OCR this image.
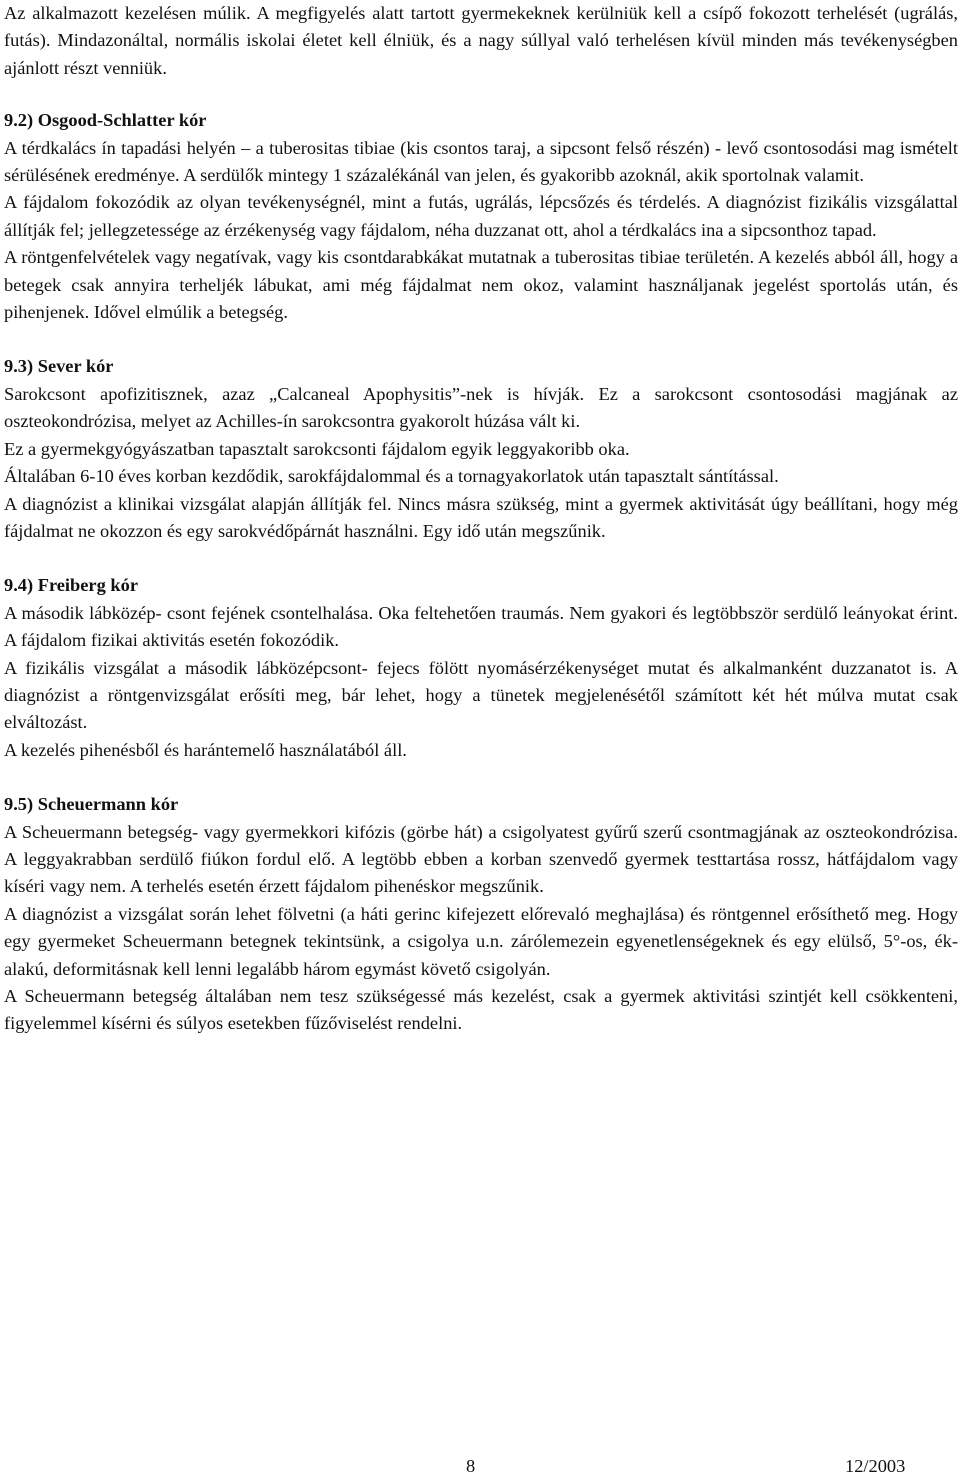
Az alkalmazott kezelésen múlik. A megfigyelés alatt tartott gyermekeknek kerülniük kell a csípő fokozott terhelését (ugrálás, futás). Mindazonáltal, normális iskolai életet kell élniük, és a nagy súllyal való terhelésen kívül minden más tevékenységben ajánlott részt venniük.

9.2) Osgood-Schlatter kór

A térdkalács ín tapadási helyén – a tuberositas tibiae (kis csontos taraj, a sipcsont felső részén) - levő csontosodási mag ismételt sérülésének eredménye. A serdülők mintegy 1 százalékánál van jelen, és gyakoribb azoknál, akik sportolnak valamit.

A fájdalom fokozódik az olyan tevékenységnél, mint a futás, ugrálás, lépcsőzés és térdelés. A diagnózist fizikális vizsgálattal állítják fel; jellegzetessége az érzékenység vagy fájdalom, néha duzzanat ott, ahol a térdkalács ina a sipcsonthoz tapad.

A röntgenfelvételek vagy negatívak, vagy kis csontdarabkákat mutatnak a tuberositas tibiae területén. A kezelés abból áll, hogy a betegek csak annyira terheljék lábukat, ami még fájdalmat nem okoz, valamint használjanak jegelést sportolás után, és pihenjenek. Idővel elmúlik a betegség.

9.3) Sever kór

Sarokcsont apofizitisznek, azaz „Calcaneal Apophysitis”-nek is hívják. Ez a sarokcsont csontosodási magjának az oszteokondrózisa, melyet az Achilles-ín sarokcsontra gyakorolt húzása vált ki.

Ez a gyermekgyógyászatban tapasztalt sarokcsonti fájdalom egyik leggyakoribb oka.

Általában 6-10 éves korban kezdődik, sarokfájdalommal és a tornagyakorlatok után tapasztalt sántítással.

A diagnózist a klinikai vizsgálat alapján állítják fel. Nincs másra szükség, mint a gyermek aktivitását úgy beállítani, hogy még fájdalmat ne okozzon és egy sarokvédőpárnát használni. Egy idő után megszűnik.

9.4) Freiberg kór

A második lábközép- csont fejének csontelhalása. Oka feltehetően traumás. Nem gyakori és legtöbbször serdülő leányokat érint. A fájdalom fizikai aktivitás esetén fokozódik.

A fizikális vizsgálat a második lábközépcsont- fejecs fölött nyomásérzékenységet mutat és alkalmanként duzzanatot is. A diagnózist a röntgenvizsgálat erősíti meg, bár lehet, hogy a tünetek megjelenésétől számított két hét múlva mutat csak elváltozást.

A kezelés pihenésből és harántemelő használatából áll.

9.5) Scheuermann kór

A Scheuermann betegség- vagy gyermekkori kifózis (görbe hát) a csigolyatest gyűrű szerű csontmagjának az oszteokondrózisa. A leggyakrabban serdülő fiúkon fordul elő. A legtöbb ebben a korban szenvedő gyermek testtartása rossz, hátfájdalom vagy kíséri vagy nem. A terhelés esetén érzett fájdalom pihenéskor megszűnik.

A diagnózist a vizsgálat során lehet fölvetni (a háti gerinc kifejezett előrevaló meghajlása) és röntgennel erősíthető meg. Hogy egy gyermeket Scheuermann betegnek tekintsünk, a csigolya u.n. zárólemezein egyenetlenségeknek és egy elülső, 5°-os, ék-alakú, deformitásnak kell lenni legalább három egymást követő csigolyán.

A Scheuermann betegség általában nem tesz szükségessé más kezelést, csak a gyermek aktivitási szintjét kell csökkenteni, figyelemmel kísérni és súlyos esetekben fűzőviselést rendelni.

8	12/2003
